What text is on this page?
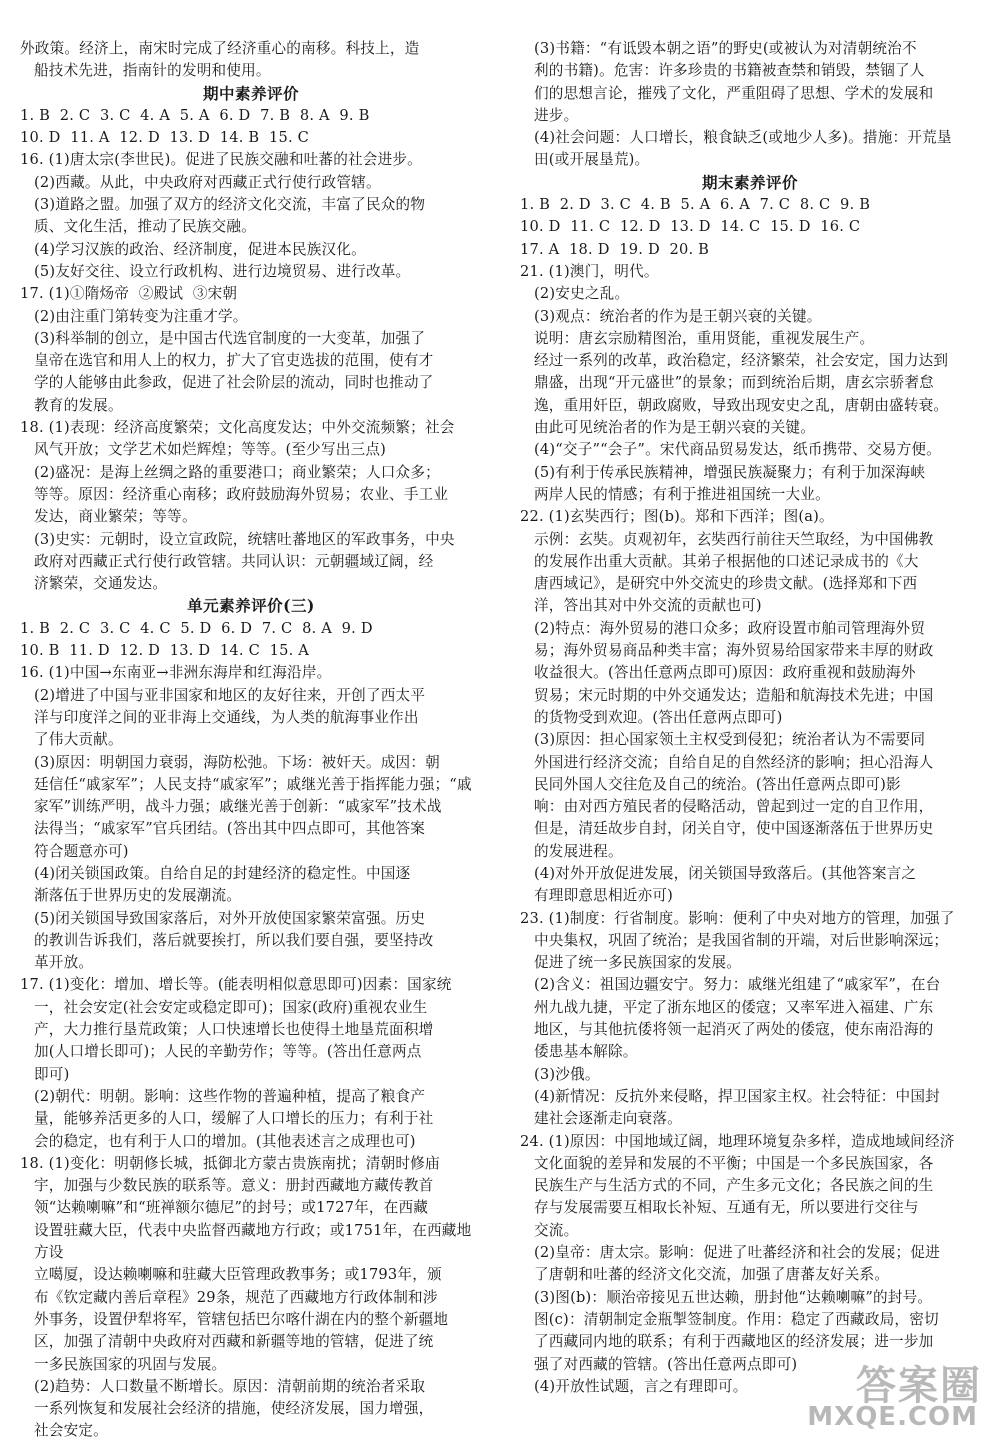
外政策。经济上，南宋时完成了经济重心的南移。科技上，造
船技术先进，指南针的发明和使用。
期中素养评价
1. B  2. C  3. C  4. A  5. A  6. D  7. B  8. A  9. B
10. D  11. A  12. D  13. D  14. B  15. C
16. (1)唐太宗(李世民)。促进了民族交融和吐蕃的社会进步。
(2)西藏。从此，中央政府对西藏正式行使行政管辖。
(3)道路之盟。加强了双方的经济文化交流，丰富了民众的物
质、文化生活，推动了民族交融。
(4)学习汉族的政治、经济制度，促进本民族汉化。
(5)友好交往、设立行政机构、进行边境贸易、进行改革。
17. (1)①隋炀帝  ②殿试  ③宋朝
(2)由注重门第转变为注重才学。
(3)科举制的创立，是中国古代选官制度的一大变革，加强了
皇帝在选官和用人上的权力，扩大了官吏选拔的范围，使有才
学的人能够由此参政，促进了社会阶层的流动，同时也推动了
教育的发展。
18. (1)表现：经济高度繁荣；文化高度发达；中外交流频繁；社会
风气开放；文学艺术如烂辉煌；等等。(至少写出三点)
(2)盛况：是海上丝绸之路的重要港口；商业繁荣；人口众多；
等等。原因：经济重心南移；政府鼓励海外贸易；农业、手工业
发达，商业繁荣；等等。
(3)史实：元朝时，设立宣政院，统辖吐蕃地区的军政事务，中央
政府对西藏正式行使行政管辖。共同认识：元朝疆域辽阔，经
济繁荣，交通发达。
单元素养评价(三)
1. B  2. C  3. C  4. C  5. D  6. D  7. C  8. A  9. D
10. B  11. D  12. D  13. D  14. C  15. A
16. (1)中国→东南亚→非洲东海岸和红海沿岸。
(2)增进了中国与亚非国家和地区的友好往来，开创了西太平
洋与印度洋之间的亚非海上交通线，为人类的航海事业作出
了伟大贡献。
(3)原因：明朝国力衰弱，海防松弛。下场：被奸天。成因：朝
廷信任“戚家军”；人民支持“戚家军”；戚继光善于指挥能力强；“戚
家军”训练严明，战斗力强；戚继光善于创新：“戚家军”技术战
法得当；“戚家军”官兵团结。(答出其中四点即可，其他答案
符合题意亦可)
(4)闭关锁国政策。自给自足的封建经济的稳定性。中国逐
渐落伍于世界历史的发展潮流。
(5)闭关锁国导致国家落后，对外开放使国家繁荣富强。历史
的教训告诉我们，落后就要挨打，所以我们要自强，要坚持改
革开放。
17. (1)变化：增加、增长等。(能表明相似意思即可)因素：国家统
一，社会安定(社会安定或稳定即可)；国家(政府)重视农业生
产，大力推行垦荒政策；人口快速增长也使得土地垦荒面积增
加(人口增长即可)；人民的辛勤劳作；等等。(答出任意两点
即可)
(2)朝代：明朝。影响：这些作物的普遍种植，提高了粮食产
量，能够养活更多的人口，缓解了人口增长的压力；有利于社
会的稳定，也有利于人口的增加。(其他表述言之成理也可)
18. (1)变化：明朝修长城，抵御北方蒙古贵族南扰；清朝时修庙
宇，加强与少数民族的联系等。意义：册封西藏地方藏传教首
领“达赖喇嘛”和“班禅额尔德尼”的封号；或1727年，在西藏
设置驻藏大臣，代表中央监督西藏地方行政；或1751年，在西藏地方设
立噶厦，设达赖喇嘛和驻藏大臣管理政教事务；或1793年，颁
布《钦定藏内善后章程》29条，规范了西藏地方行政体制和涉
外事务，设置伊犁将军，管辖包括巴尔喀什湖在内的整个新疆地
区，加强了清朝中央政府对西藏和新疆等地的管辖，促进了统
一多民族国家的巩固与发展。
(2)趋势：人口数量不断增长。原因：清朝前期的统治者采取
一系列恢复和发展社会经济的措施，使经济发展，国力增强，
社会安定。
(3)书籍：“有诋毁本朝之语”的野史(或被认为对清朝统治不
利的书籍)。危害：许多珍贵的书籍被查禁和销毁，禁锢了人
们的思想言论，摧残了文化，严重阻碍了思想、学术的发展和
进步。
(4)社会问题：人口增长，粮食缺乏(或地少人多)。措施：开荒垦
田(或开展垦荒)。
期末素养评价
1. B  2. D  3. C  4. B  5. A  6. A  7. C  8. C  9. B
10. D  11. C  12. D  13. D  14. C  15. D  16. C
17. A  18. D  19. D  20. B
21. (1)澳门，明代。
(2)安史之乱。
(3)观点：统治者的作为是王朝兴衰的关键。
说明：唐玄宗励精图治，重用贤能，重视发展生产。
经过一系列的改革，政治稳定，经济繁荣，社会安定，国力达到
鼎盛，出现“开元盛世”的景象；而到统治后期，唐玄宗骄奢怠
逸，重用奸臣，朝政腐败，导致出现安史之乱，唐朝由盛转衰。
由此可见统治者的作为是王朝兴衰的关键。
(4)“交子”“会子”。宋代商品贸易发达，纸币携带、交易方便。
(5)有利于传承民族精神，增强民族凝聚力；有利于加深海峡
两岸人民的情感；有利于推进祖国统一大业。
22. (1)玄奘西行；图(b)。郑和下西洋；图(a)。
示例：玄奘。贞观初年，玄奘西行前往天竺取经，为中国佛教
的发展作出重大贡献。其弟子根据他的口述记录成书的《大
唐西域记》，是研究中外交流史的珍贵文献。(选择郑和下西
洋，答出其对中外交流的贡献也可)
(2)特点：海外贸易的港口众多；政府设置市舶司管理海外贸
易；海外贸易商品种类丰富；海外贸易给国家带来丰厚的财政
收益很大。(答出任意两点即可)原因：政府重视和鼓励海外
贸易；宋元时期的中外交通发达；造船和航海技术先进；中国
的货物受到欢迎。(答出任意两点即可)
(3)原因：担心国家领土主权受到侵犯；统治者认为不需要同
外国进行经济交流；自给自足的自然经济的影响；担心沿海人
民同外国人交往危及自己的统治。(答出任意两点即可)影
响：由对西方殖民者的侵略活动，曾起到过一定的自卫作用，
但是，清廷故步自封，闭关自守，使中国逐渐落伍于世界历史
的发展进程。
(4)对外开放促进发展，闭关锁国导致落后。(其他答案言之
有理即意思相近亦可)
23. (1)制度：行省制度。影响：便利了中央对地方的管理，加强了
中央集权，巩固了统治；是我国省制的开端，对后世影响深远；
促进了统一多民族国家的发展。
(2)含义：祖国边疆安宁。努力：戚继光组建了“戚家军”，在台
州九战九捷，平定了浙东地区的倭寇；又率军进入福建、广东
地区，与其他抗倭将领一起消灭了两处的倭寇，使东南沿海的
倭患基本解除。
(3)沙俄。
(4)新情况：反抗外来侵略，捍卫国家主权。社会特征：中国封
建社会逐渐走向衰落。
24. (1)原因：中国地域辽阔，地理环境复杂多样，造成地域间经济
文化面貌的差异和发展的不平衡；中国是一个多民族国家，各
民族生产与生活方式的不同，产生多元文化；各民族之间的生
存与发展需要互相取长补短、互通有无，所以要进行交往与
交流。
(2)皇帝：唐太宗。影响：促进了吐蕃经济和社会的发展；促进
了唐朝和吐蕃的经济文化交流，加强了唐蕃友好关系。
(3)图(b)：顺治帝接见五世达赖，册封他“达赖喇嘛”的封号。
图(c)：清朝制定金瓶掣签制度。作用：稳定了西藏政局，密切
了西藏同内地的联系；有利于西藏地区的经济发展；进一步加
强了对西藏的管辖。(答出任意两点即可)
(4)开放性试题，言之有理即可。	答案圈
MXQE.COM
